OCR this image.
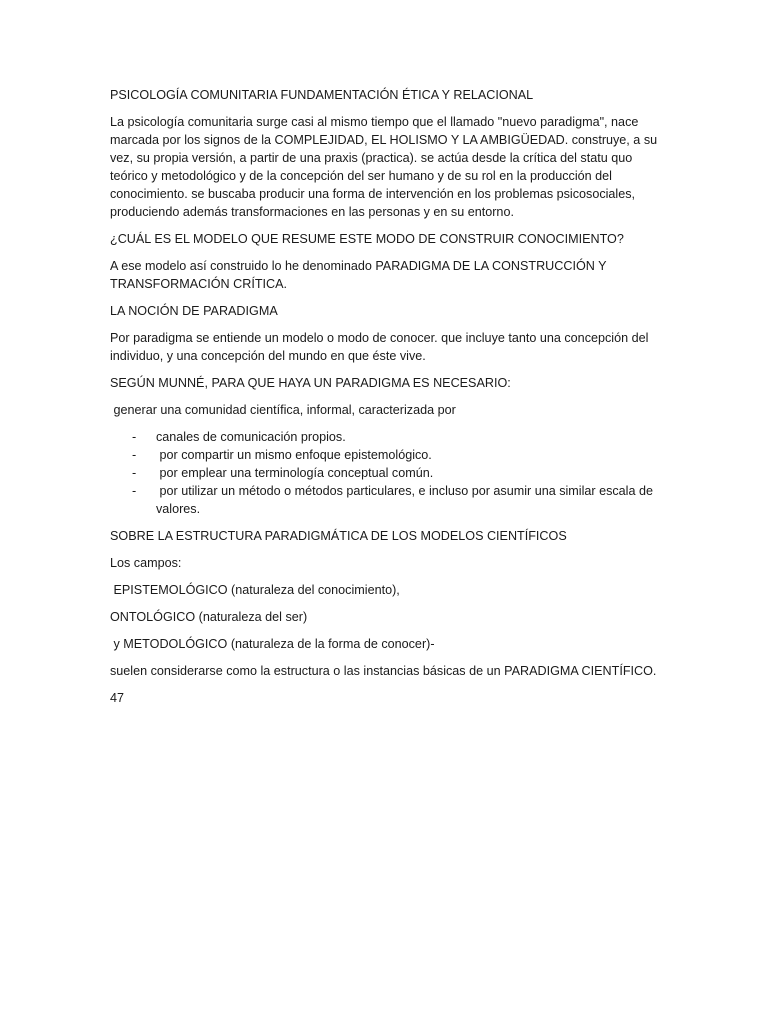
PSICOLOGÍA COMUNITARIA FUNDAMENTACIÓN ÉTICA Y RELACIONAL

La psicología comunitaria surge casi al mismo tiempo que el llamado "nuevo paradigma", nace marcada por los signos de la COMPLEJIDAD, EL HOLISMO Y LA AMBIGÜEDAD. construye, a su vez, su propia versión, a partir de una praxis (practica). se actúa desde la crítica del statu quo teórico y metodológico y de la concepción del ser humano y de su rol en la producción del conocimiento. se buscaba producir una forma de intervención en los problemas psicosociales, produciendo además transformaciones en las personas y en su entorno.

¿CUÁL ES EL MODELO QUE RESUME ESTE MODO DE CONSTRUIR CONOCIMIENTO?

A ese modelo así construido lo he denominado PARADIGMA DE LA CONSTRUCCIÓN Y TRANSFORMACIÓN CRÍTICA.

LA NOCIÓN DE PARADIGMA

Por paradigma se entiende un modelo o modo de conocer. que incluye tanto una concepción del individuo, y una concepción del mundo en que éste vive.

SEGÚN MUNNÉ, PARA QUE HAYA UN PARADIGMA ES NECESARIO:

generar una comunidad científica, informal, caracterizada por

- canales de comunicación propios.
- por compartir un mismo enfoque epistemológico.
- por emplear una terminología conceptual común.
- por utilizar un método o métodos particulares, e incluso por asumir una similar escala de valores.

SOBRE LA ESTRUCTURA PARADIGMÁTICA DE LOS MODELOS CIENTÍFICOS

Los campos:

EPISTEMOLÓGICO (naturaleza del conocimiento),

ONTOLÓGICO (naturaleza del ser)

y METODOLÓGICO (naturaleza de la forma de conocer)-

suelen considerarse como la estructura o las instancias básicas de un PARADIGMA CIENTÍFICO.

47
